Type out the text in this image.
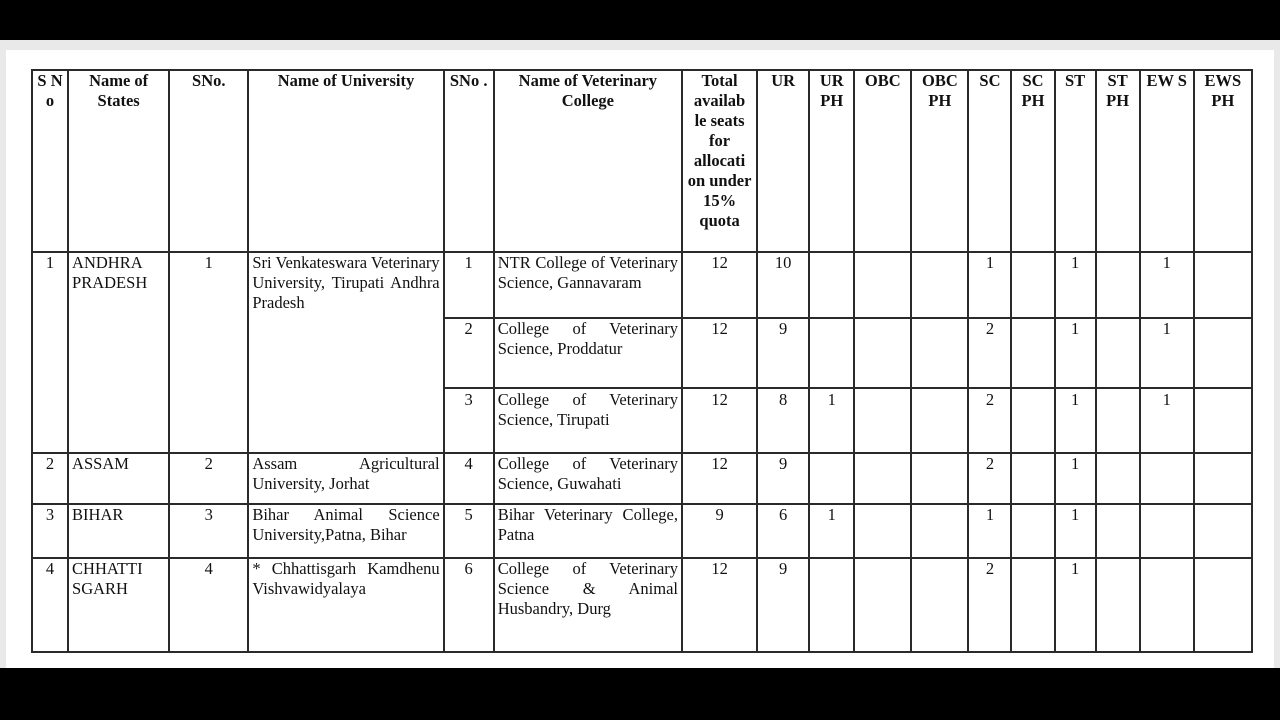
S N o	Name of States	SNo.	Name of University	SNo .	Name of Veterinary College	Total availab le seats for allocati on under 15% quota	UR	UR PH	OBC	OBC PH	SC	SC PH	ST	ST PH	EW S	EWS PH
1	ANDHRA PRADESH	1	Sri Venkateswara Veterinary University, Tirupati Andhra Pradesh	1	NTR College of Veterinary Science, Gannavaram	12	10				1		1		1	
				2	College of Veterinary Science, Proddatur	12	9				2		1		1	
				3	College of Veterinary Science, Tirupati	12	8	1			2		1		1	
2	ASSAM	2	Assam Agricultural University, Jorhat	4	College of Veterinary Science, Guwahati	12	9				2		1			
3	BIHAR	3	Bihar Animal Science University,Patna, Bihar	5	Bihar Veterinary College, Patna	9	6	1			1		1			
4	CHHATTI SGARH	4	* Chhattisgarh Kamdhenu Vishvawidyalaya	6	College of Veterinary Science & Animal Husbandry, Durg	12	9				2		1			
